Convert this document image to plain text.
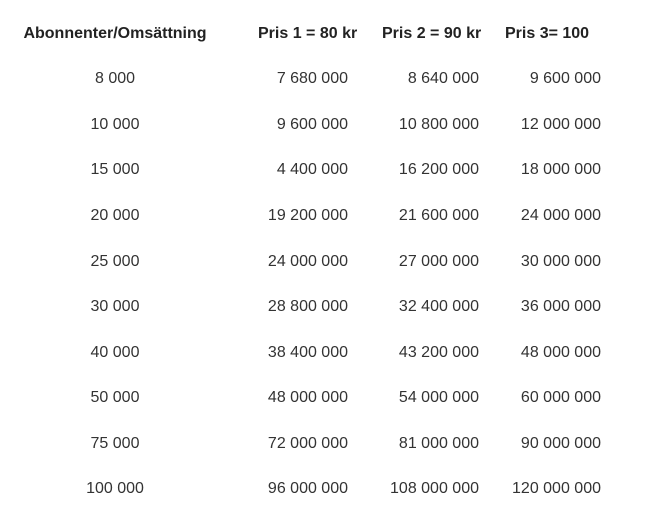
Abonnenter/Omsättning	Pris 1 = 80 kr	Pris 2 = 90 kr	Pris 3= 100
8 000	7 680 000	8 640 000	9 600 000
10 000	9 600 000	10 800 000	12 000 000
15 000	4 400 000	16 200 000	18 000 000
20 000	19 200 000	21 600 000	24 000 000
25 000	24 000 000	27 000 000	30 000 000
30 000	28 800 000	32 400 000	36 000 000
40 000	38 400 000	43 200 000	48 000 000
50 000	48 000 000	54 000 000	60 000 000
75 000	72 000 000	81 000 000	90 000 000
100 000	96 000 000	108 000 000	120 000 000
